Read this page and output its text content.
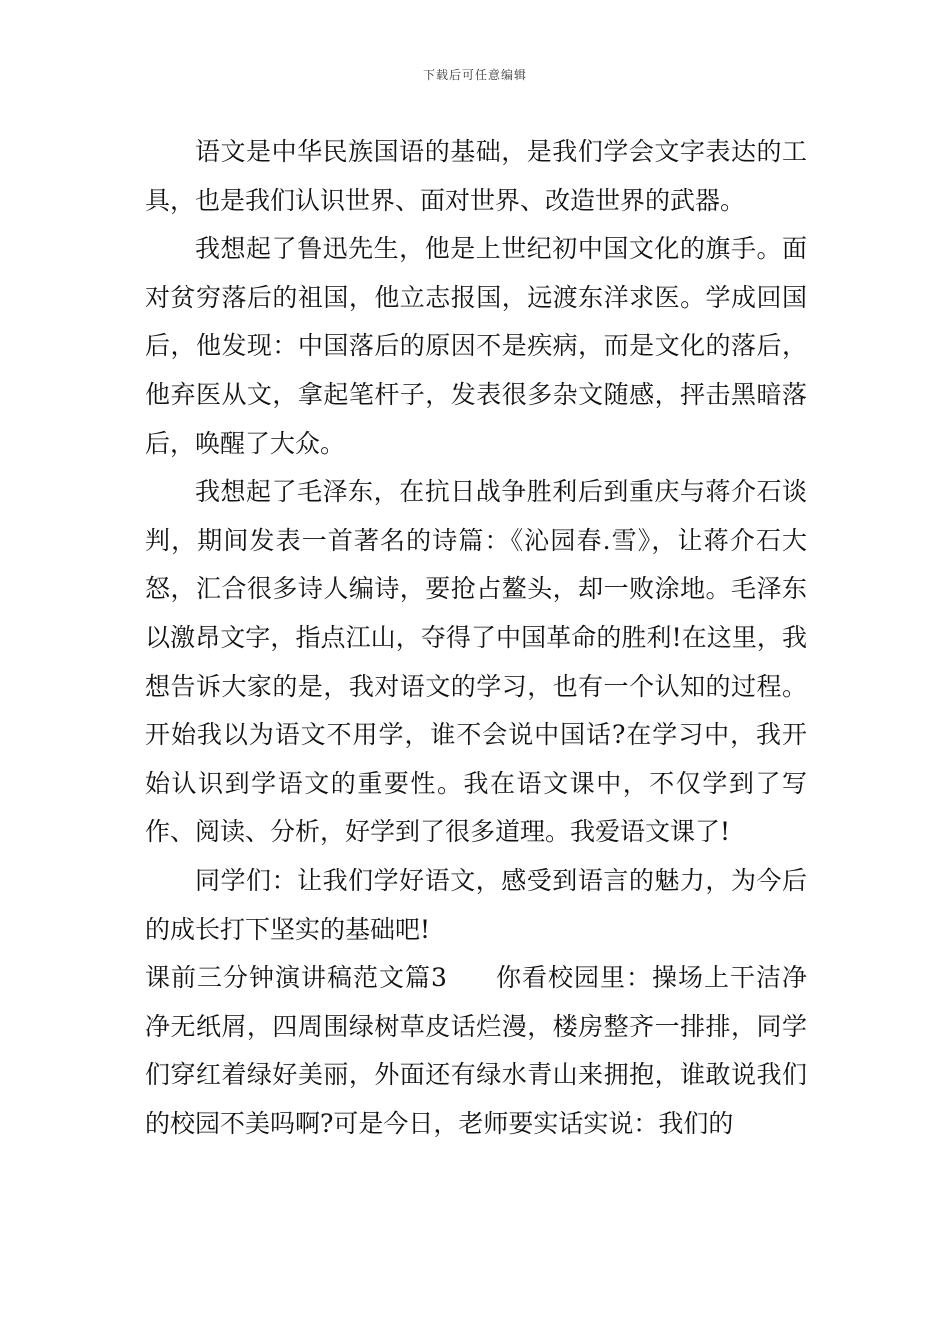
下载后可任意编辑

语文是中华民族国语的基础，是我们学会文字表达的工具，也是我们认识世界、面对世界、改造世界的武器。

我想起了鲁迅先生，他是上世纪初中国文化的旗手。面对贫穷落后的祖国，他立志报国，远渡东洋求医。学成回国后，他发现：中国落后的原因不是疾病，而是文化的落后，他弃医从文，拿起笔杆子，发表很多杂文随感，抨击黑暗落后，唤醒了大众。

我想起了毛泽东，在抗日战争胜利后到重庆与蒋介石谈判，期间发表一首著名的诗篇：《沁园春.雪》，让蒋介石大怒，汇合很多诗人编诗，要抢占鳌头，却一败涂地。毛泽东以激昂文字，指点江山，夺得了中国革命的胜利!在这里，我想告诉大家的是，我对语文的学习，也有一个认知的过程。开始我以为语文不用学，谁不会说中国话?在学习中，我开始认识到学语文的重要性。我在语文课中，不仅学到了写作、阅读、分析，好学到了很多道理。我爱语文课了!

同学们：让我们学好语文，感受到语言的魅力，为今后的成长打下坚实的基础吧!

课前三分钟演讲稿范文篇3 你看校园里：操场上干洁净净无纸屑，四周围绿树草皮话烂漫，楼房整齐一排排，同学们穿红着绿好美丽，外面还有绿水青山来拥抱，谁敢说我们的校园不美吗啊?可是今日，老师要实话实说：我们的
